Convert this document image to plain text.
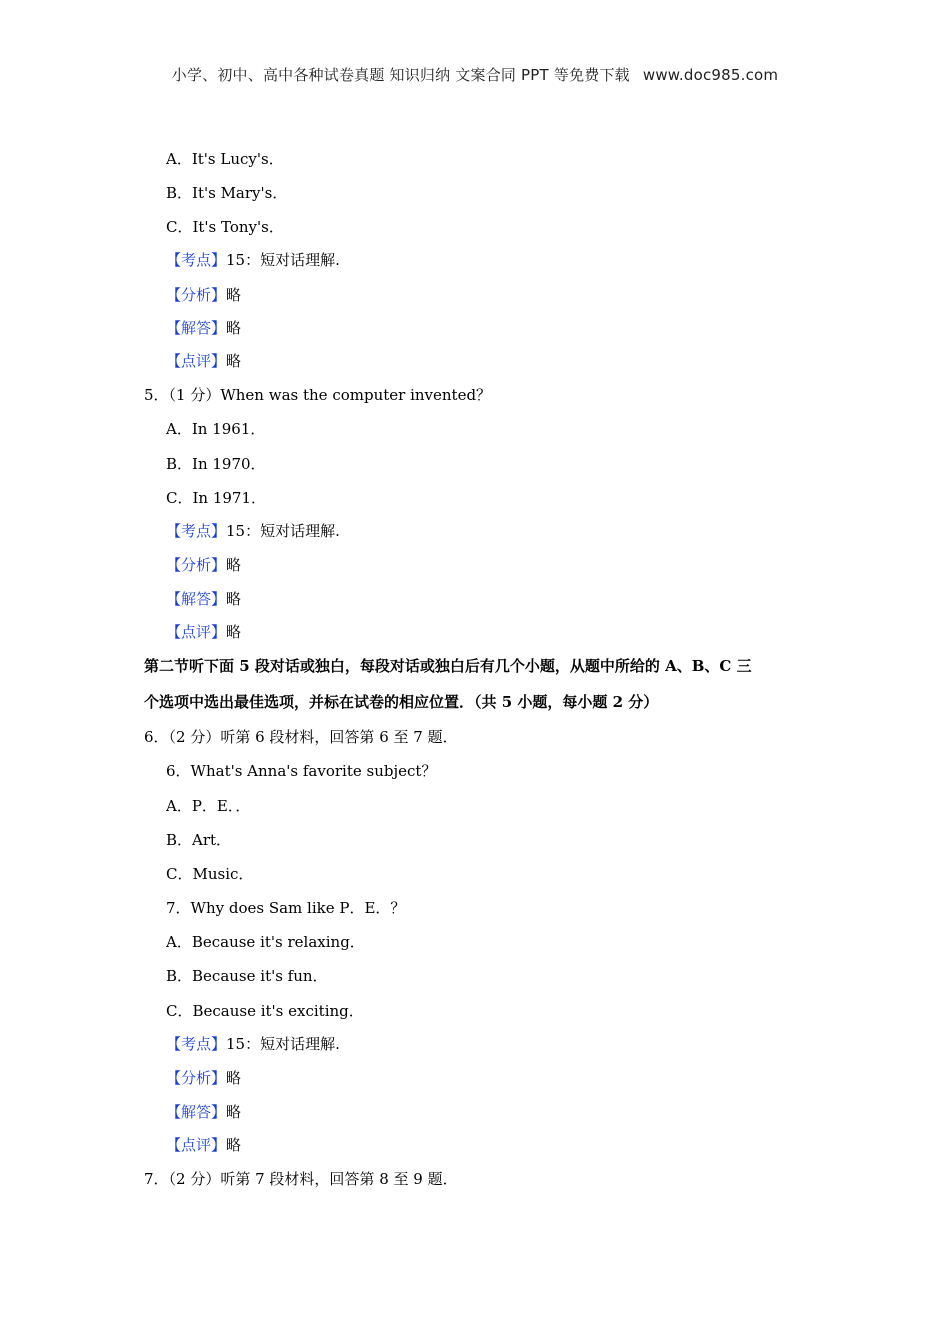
小学、初中、高中各种试卷真题 知识归纳 文案合同 PPT 等免费下载 www.doc985.com
A．It's Lucy's．
B．It's Mary's．
C．It's Tony's．
【考点】15：短对话理解.
【分析】略
【解答】略
【点评】略
5．（1 分）When was the computer invented？
A．In 1961．
B．In 1970．
C．In 1971．
【考点】15：短对话理解.
【分析】略
【解答】略
【点评】略
第二节听下面 5 段对话或独白，每段对话或独白后有几个小题，从题中所给的 A、B、C 三
个选项中选出最佳选项，并标在试卷的相应位置．（共 5 小题，每小题 2 分）
6．（2 分）听第 6 段材料，回答第 6 至 7 题．
6．What's Anna's favorite subject？
A．P．E．．
B．Art．
C．Music．
7．Why does Sam like P．E．？
A．Because it's relaxing．
B．Because it's fun．
C．Because it's exciting．
【考点】15：短对话理解.
【分析】略
【解答】略
【点评】略
7．（2 分）听第 7 段材料，回答第 8 至 9 题．
